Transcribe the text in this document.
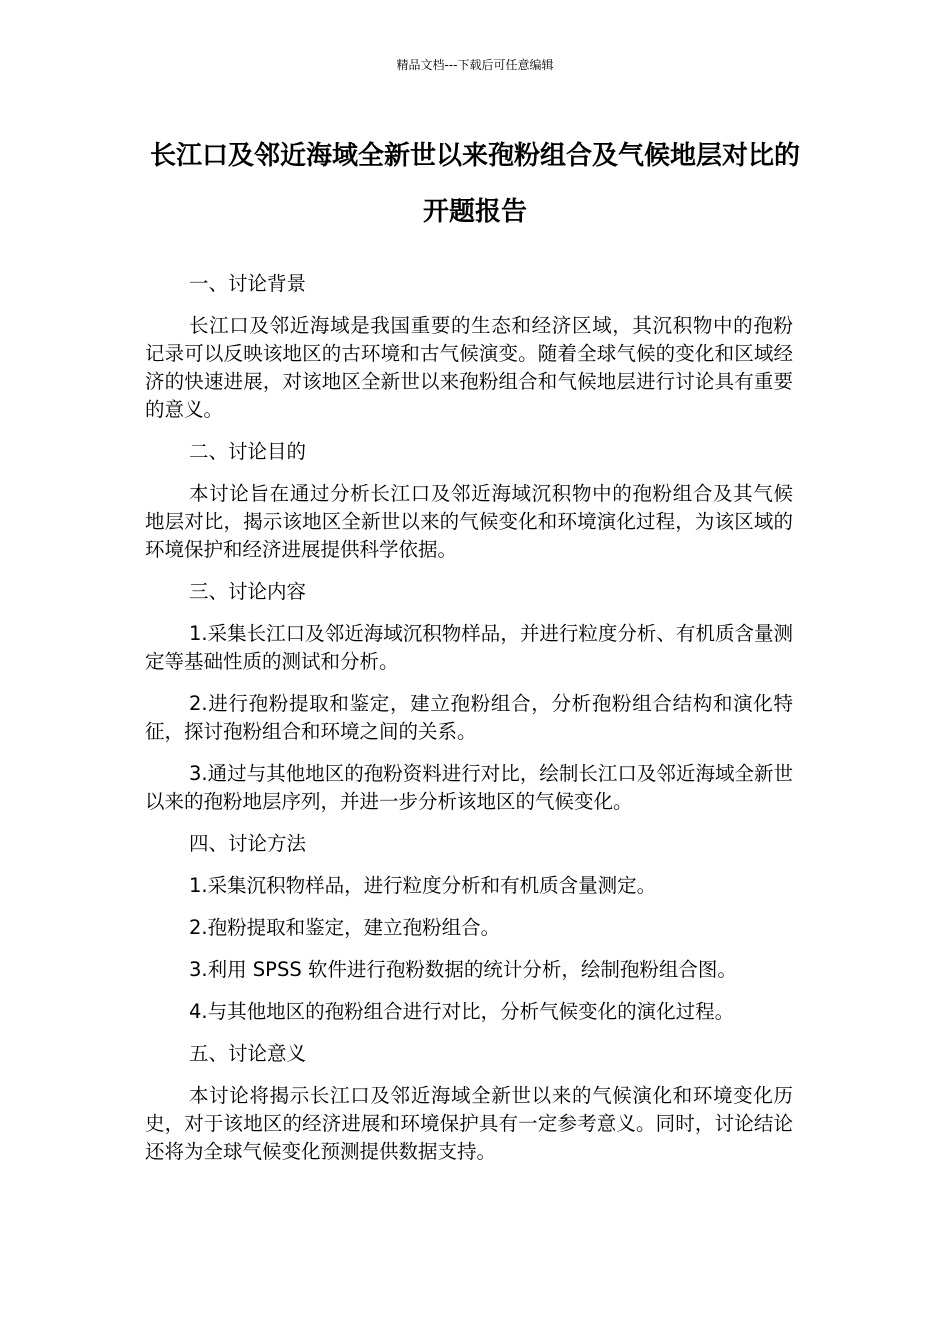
精品文档---下载后可任意编辑
长江口及邻近海域全新世以来孢粉组合及气候地层对比的开题报告

一、讨论背景

长江口及邻近海域是我国重要的生态和经济区域，其沉积物中的孢粉记录可以反映该地区的古环境和古气候演变。随着全球气候的变化和区域经济的快速进展，对该地区全新世以来孢粉组合和气候地层进行讨论具有重要的意义。

二、讨论目的

本讨论旨在通过分析长江口及邻近海域沉积物中的孢粉组合及其气候地层对比，揭示该地区全新世以来的气候变化和环境演化过程，为该区域的环境保护和经济进展提供科学依据。

三、讨论内容

1.采集长江口及邻近海域沉积物样品，并进行粒度分析、有机质含量测定等基础性质的测试和分析。

2.进行孢粉提取和鉴定，建立孢粉组合，分析孢粉组合结构和演化特征，探讨孢粉组合和环境之间的关系。

3.通过与其他地区的孢粉资料进行对比，绘制长江口及邻近海域全新世以来的孢粉地层序列，并进一步分析该地区的气候变化。

四、讨论方法

1.采集沉积物样品，进行粒度分析和有机质含量测定。

2.孢粉提取和鉴定，建立孢粉组合。

3.利用 SPSS 软件进行孢粉数据的统计分析，绘制孢粉组合图。

4.与其他地区的孢粉组合进行对比，分析气候变化的演化过程。

五、讨论意义

本讨论将揭示长江口及邻近海域全新世以来的气候演化和环境变化历史，对于该地区的经济进展和环境保护具有一定参考意义。同时，讨论结论还将为全球气候变化预测提供数据支持。
